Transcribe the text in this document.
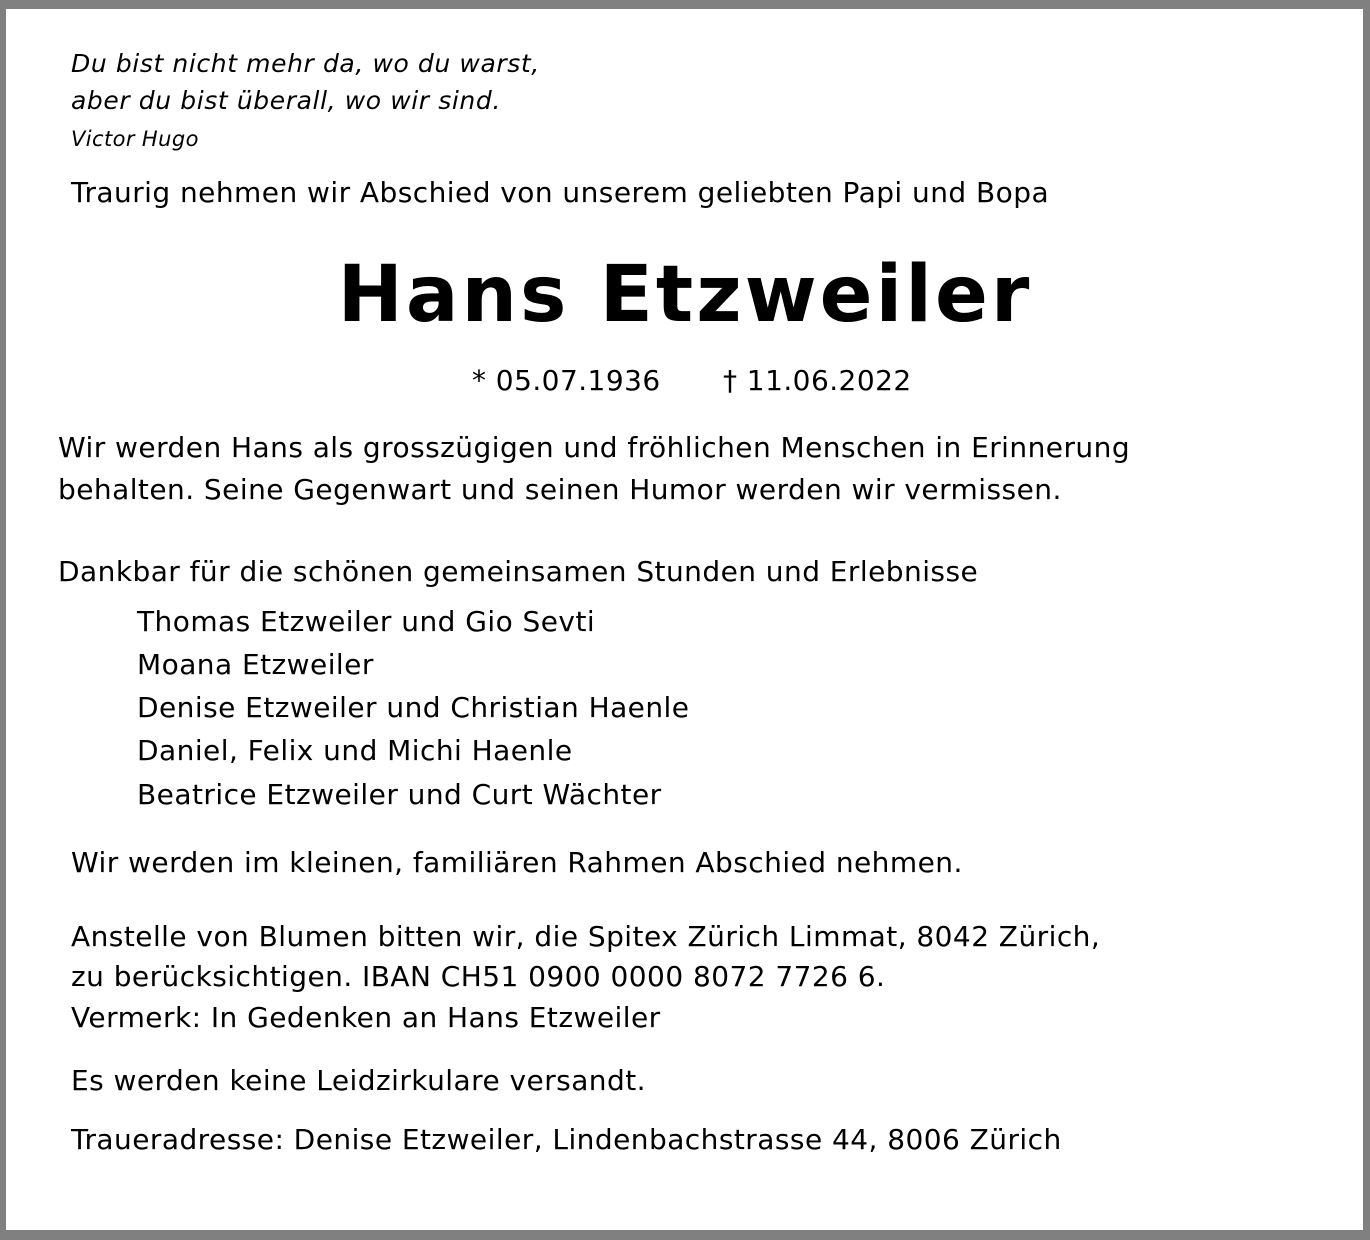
Du bist nicht mehr da, wo du warst,
aber du bist überall, wo wir sind.
Victor Hugo
Traurig nehmen wir Abschied von unserem geliebten Papi und Bopa
Hans Etzweiler
* 05.07.1936 † 11.06.2022
Wir werden Hans als grosszügigen und fröhlichen Menschen in Erinnerung
behalten. Seine Gegenwart und seinen Humor werden wir vermissen.
Dankbar für die schönen gemeinsamen Stunden und Erlebnisse
Thomas Etzweiler und Gio Sevti
Moana Etzweiler
Denise Etzweiler und Christian Haenle
Daniel, Felix und Michi Haenle
Beatrice Etzweiler und Curt Wächter
Wir werden im kleinen, familiären Rahmen Abschied nehmen.
Anstelle von Blumen bitten wir, die Spitex Zürich Limmat, 8042 Zürich,
zu berücksichtigen. IBAN CH51 0900 0000 8072 7726 6.
Vermerk: In Gedenken an Hans Etzweiler
Es werden keine Leidzirkulare versandt.
Traueradresse: Denise Etzweiler, Lindenbachstrasse 44, 8006 Zürich
